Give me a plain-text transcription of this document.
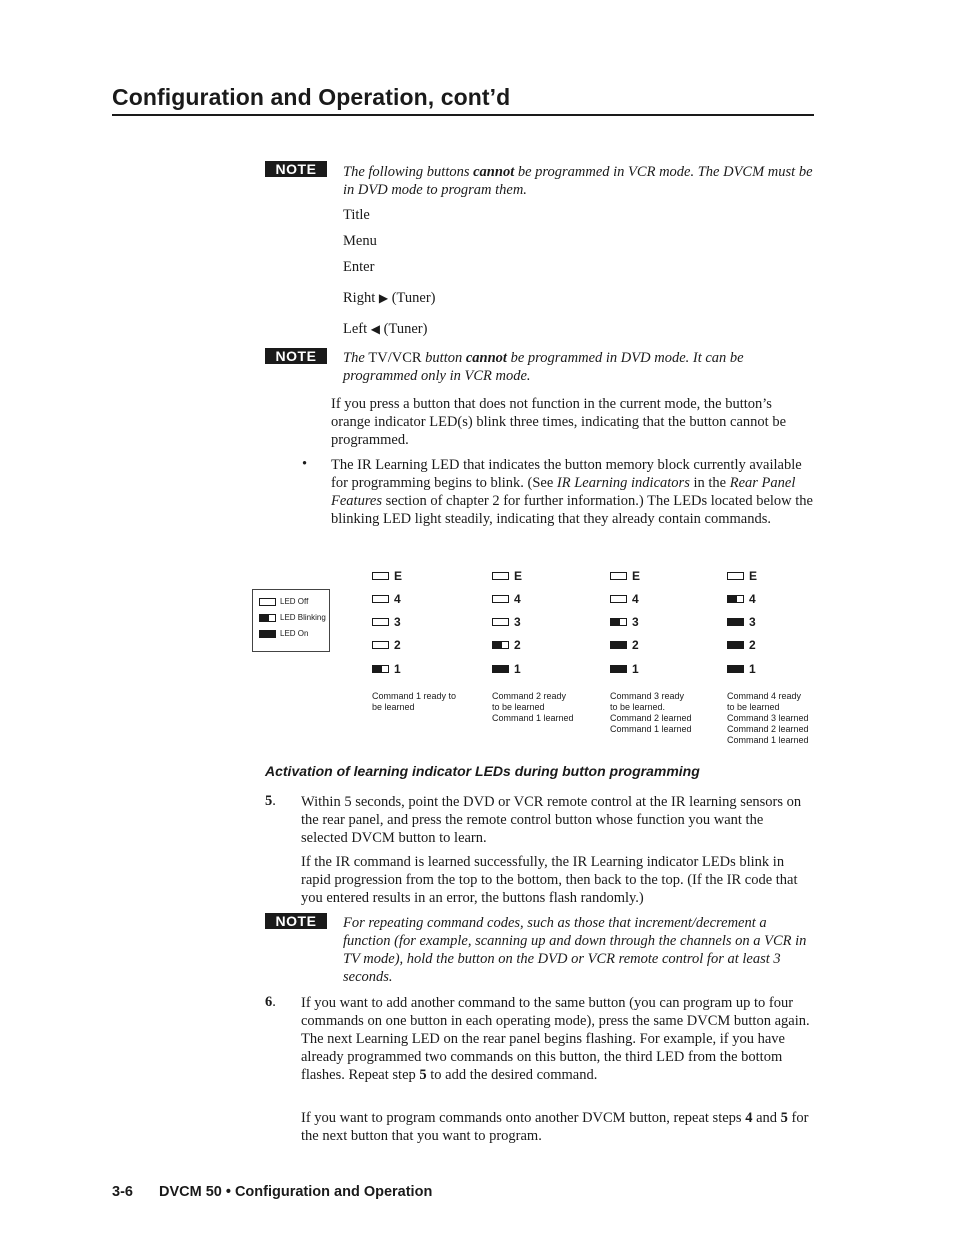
Configuration and Operation, cont’d
NOTE	The following buttons cannot be programmed in VCR mode. The DVCM must be in DVD mode to program them.
Title
Menu
Enter
Right ▶ (Tuner)
Left ◀ (Tuner)
NOTE	The TV/VCR button cannot be programmed in DVD mode. It can be programmed only in VCR mode.
If you press a button that does not function in the current mode, the button’s orange indicator LED(s) blink three times, indicating that the button cannot be programmed.
• The IR Learning LED that indicates the button memory block currently available for programming begins to blink. (See IR Learning indicators in the Rear Panel Features section of chapter 2 for further information.) The LEDs located below the blinking LED light steadily, indicating that they already contain commands.
LED Off
LED Blinking
LED On
E
4
3
2
1
Command 1 ready to
be learned
E
4
3
2
1
Command 2 ready
to be learned
Command 1 learned
E
4
3
2
1
Command 3 ready
to be learned.
Command 2 learned
Command 1 learned
E
4
3
2
1
Command 4 ready
to be learned
Command 3 learned
Command 2 learned
Command 1 learned
Activation of learning indicator LEDs during button programming
5. Within 5 seconds, point the DVD or VCR remote control at the IR learning sensors on the rear panel, and press the remote control button whose function you want the selected DVCM button to learn.
If the IR command is learned successfully, the IR Learning indicator LEDs blink in rapid progression from the top to the bottom, then back to the top. (If the IR code that you entered results in an error, the buttons flash randomly.)
NOTE	For repeating command codes, such as those that increment/decrement a function (for example, scanning up and down through the channels on a VCR in TV mode), hold the button on the DVD or VCR remote control for at least 3 seconds.
6. If you want to add another command to the same button (you can program up to four commands on one button in each operating mode), press the same DVCM button again. The next Learning LED on the rear panel begins flashing. For example, if you have already programmed two commands on this button, the third LED from the bottom flashes. Repeat step 5 to add the desired command.
If you want to program commands onto another DVCM button, repeat steps 4 and 5 for the next button that you want to program.
3-6 DVCM 50 • Configuration and Operation
